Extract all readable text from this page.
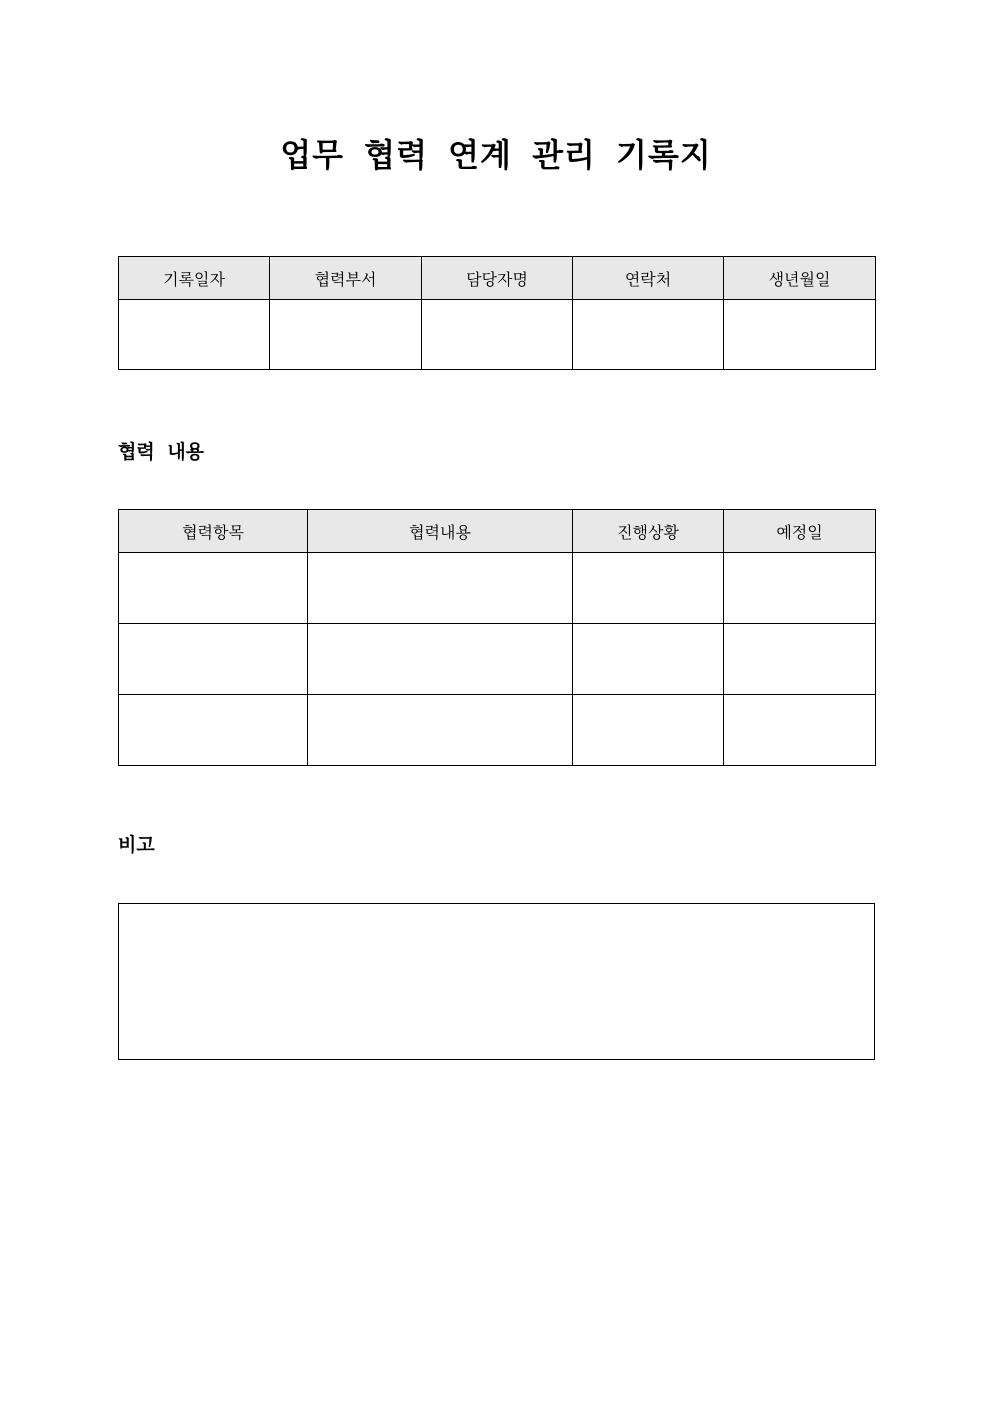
업무 협력 연계 관리 기록지
기록일자	협력부서	담당자명	연락처	생년월일

협력 내용
협력항목	협력내용	진행상황	예정일

비고
